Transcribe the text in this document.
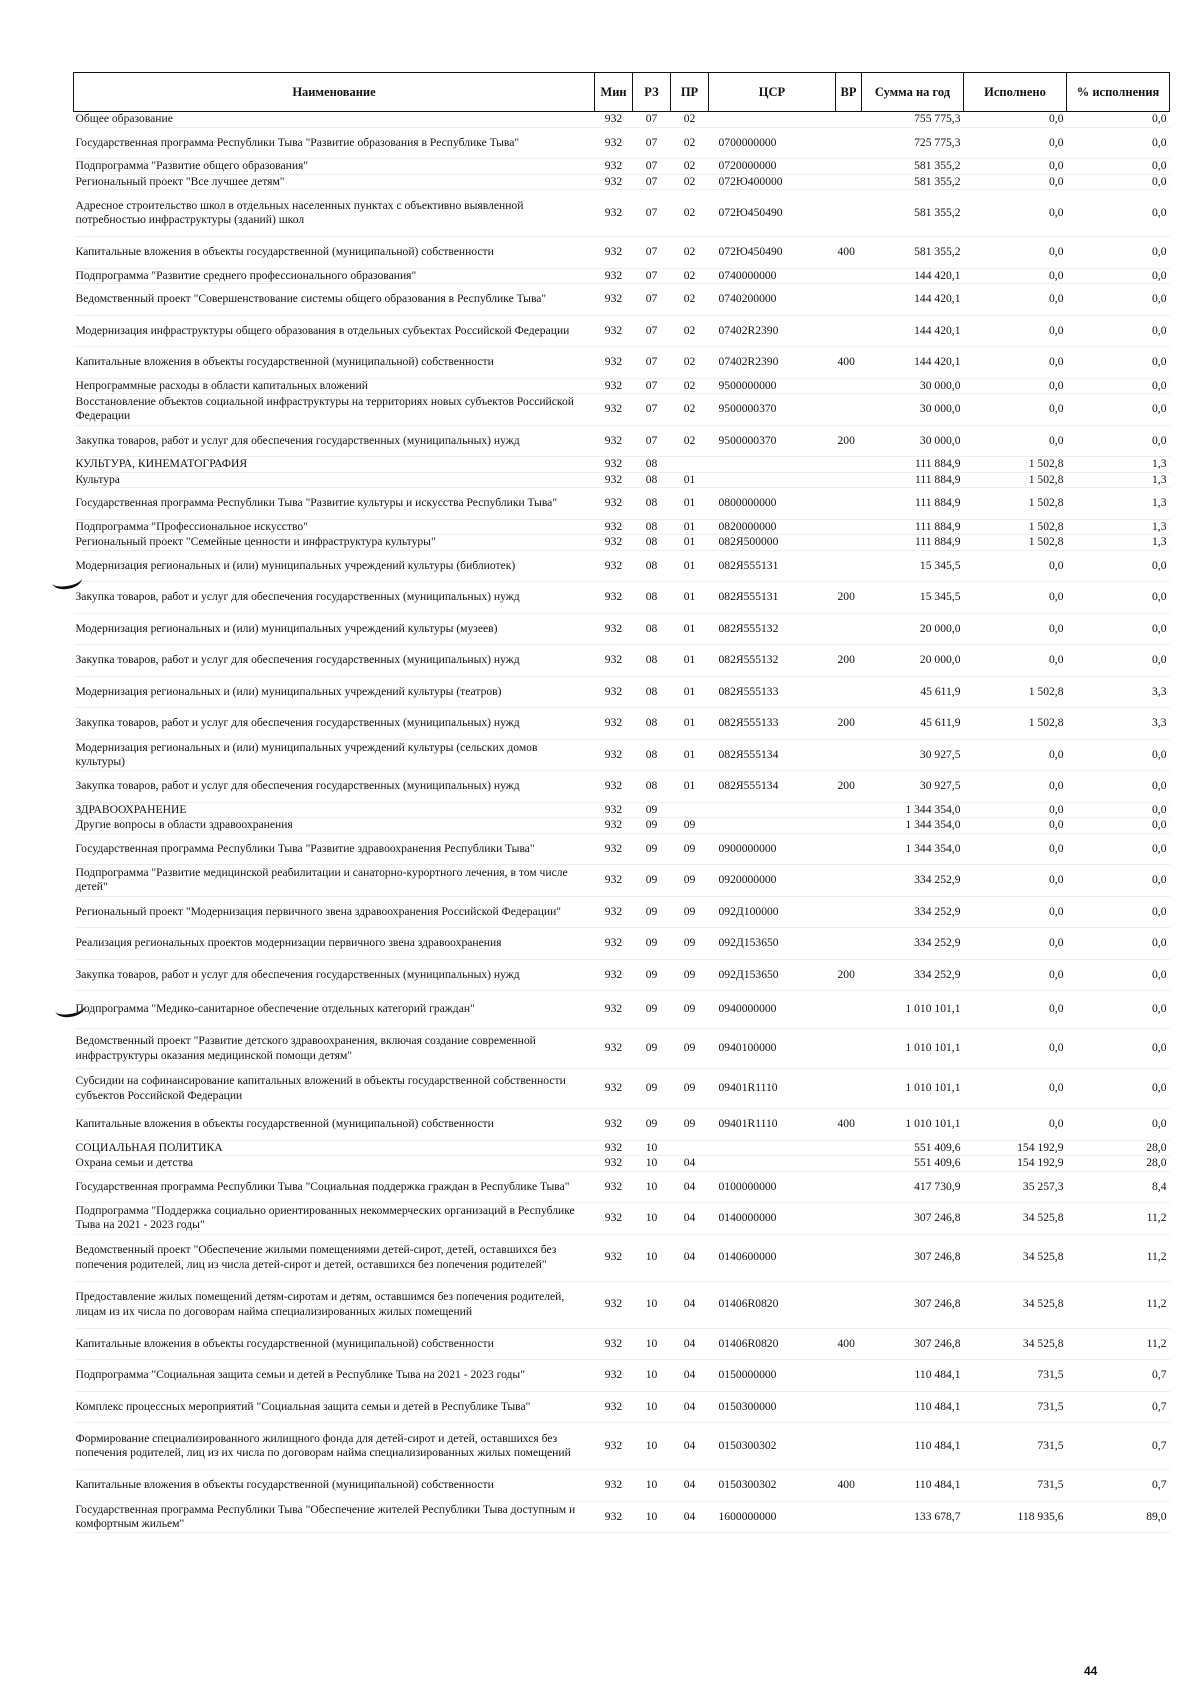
Наименование	Мин	РЗ	ПР	ЦСР	ВР	Сумма на год	Исполнено	% исполнения
Общее образование	932	07	02			755 775,3	0,0	0,0
Государственная программа Республики Тыва "Развитие образования в Республике Тыва"	932	07	02	0700000000		725 775,3	0,0	0,0
Подпрограмма "Развитие общего образования"	932	07	02	0720000000		581 355,2	0,0	0,0
Региональный проект "Все лучшее детям"	932	07	02	072Ю400000		581 355,2	0,0	0,0
Адресное строительство школ в отдельных населенных пунктах с объективно выявленной потребностью инфраструктуры (зданий) школ	932	07	02	072Ю450490		581 355,2	0,0	0,0
Капитальные вложения в объекты государственной (муниципальной) собственности	932	07	02	072Ю450490	400	581 355,2	0,0	0,0
Подпрограмма "Развитие среднего профессионального образования"	932	07	02	0740000000		144 420,1	0,0	0,0
Ведомственный проект "Совершенствование системы общего образования в Республике Тыва"	932	07	02	0740200000		144 420,1	0,0	0,0
Модернизация инфраструктуры общего образования в отдельных субъектах Российской Федерации	932	07	02	07402R2390		144 420,1	0,0	0,0
Капитальные вложения в объекты государственной (муниципальной) собственности	932	07	02	07402R2390	400	144 420,1	0,0	0,0
Непрограммные расходы в области капитальных вложений	932	07	02	9500000000		30 000,0	0,0	0,0
Восстановление объектов социальной инфраструктуры на территориях новых субъектов Российской Федерации	932	07	02	9500000370		30 000,0	0,0	0,0
Закупка товаров, работ и услуг для обеспечения государственных (муниципальных) нужд	932	07	02	9500000370	200	30 000,0	0,0	0,0
КУЛЬТУРА, КИНЕМАТОГРАФИЯ	932	08				111 884,9	1 502,8	1,3
Культура	932	08	01			111 884,9	1 502,8	1,3
Государственная программа Республики Тыва "Развитие культуры и искусства Республики Тыва"	932	08	01	0800000000		111 884,9	1 502,8	1,3
Подпрограмма "Профессиональное искусство"	932	08	01	0820000000		111 884,9	1 502,8	1,3
Региональный проект "Семейные ценности и инфраструктура культуры"	932	08	01	082Я500000		111 884,9	1 502,8	1,3
Модернизация региональных и (или) муниципальных учреждений культуры (библиотек)	932	08	01	082Я555131		15 345,5	0,0	0,0
Закупка товаров, работ и услуг для обеспечения государственных (муниципальных) нужд	932	08	01	082Я555131	200	15 345,5	0,0	0,0
Модернизация региональных и (или) муниципальных учреждений культуры (музеев)	932	08	01	082Я555132		20 000,0	0,0	0,0
Закупка товаров, работ и услуг для обеспечения государственных (муниципальных) нужд	932	08	01	082Я555132	200	20 000,0	0,0	0,0
Модернизация региональных и (или) муниципальных учреждений культуры (театров)	932	08	01	082Я555133		45 611,9	1 502,8	3,3
Закупка товаров, работ и услуг для обеспечения государственных (муниципальных) нужд	932	08	01	082Я555133	200	45 611,9	1 502,8	3,3
Модернизация региональных и (или) муниципальных учреждений культуры (сельских домов культуры)	932	08	01	082Я555134		30 927,5	0,0	0,0
Закупка товаров, работ и услуг для обеспечения государственных (муниципальных) нужд	932	08	01	082Я555134	200	30 927,5	0,0	0,0
ЗДРАВООХРАНЕНИЕ	932	09				1 344 354,0	0,0	0,0
Другие вопросы в области здравоохранения	932	09	09			1 344 354,0	0,0	0,0
Государственная программа Республики Тыва "Развитие здравоохранения Республики Тыва"	932	09	09	0900000000		1 344 354,0	0,0	0,0
Подпрограмма "Развитие медицинской реабилитации и санаторно-курортного лечения, в том числе детей"	932	09	09	0920000000		334 252,9	0,0	0,0
Региональный проект "Модернизация первичного звена здравоохранения Российской Федерации"	932	09	09	092Д100000		334 252,9	0,0	0,0
Реализация региональных проектов модернизации первичного звена здравоохранения	932	09	09	092Д153650		334 252,9	0,0	0,0
Закупка товаров, работ и услуг для обеспечения государственных (муниципальных) нужд	932	09	09	092Д153650	200	334 252,9	0,0	0,0
Подпрограмма "Медико-санитарное обеспечение отдельных категорий граждан"	932	09	09	0940000000		1 010 101,1	0,0	0,0
Ведомственный проект "Развитие детского здравоохранения, включая создание современной инфраструктуры оказания медицинской помощи детям"	932	09	09	0940100000		1 010 101,1	0,0	0,0
Субсидии на софинансирование капитальных вложений в объекты государственной собственности субъектов Российской Федерации	932	09	09	09401R1110		1 010 101,1	0,0	0,0
Капитальные вложения в объекты государственной (муниципальной) собственности	932	09	09	09401R1110	400	1 010 101,1	0,0	0,0
СОЦИАЛЬНАЯ ПОЛИТИКА	932	10				551 409,6	154 192,9	28,0
Охрана семьи и детства	932	10	04			551 409,6	154 192,9	28,0
Государственная программа Республики Тыва "Социальная поддержка граждан в Республике Тыва"	932	10	04	0100000000		417 730,9	35 257,3	8,4
Подпрограмма "Поддержка социально ориентированных некоммерческих организаций в Республике Тыва на 2021 - 2023 годы"	932	10	04	0140000000		307 246,8	34 525,8	11,2
Ведомственный проект "Обеспечение жилыми помещениями детей-сирот, детей, оставшихся без попечения родителей, лиц из числа детей-сирот и детей, оставшихся без попечения родителей"	932	10	04	0140600000		307 246,8	34 525,8	11,2
Предоставление жилых помещений детям-сиротам и детям, оставшимся без попечения родителей, лицам из их числа по договорам найма специализированных жилых помещений	932	10	04	01406R0820		307 246,8	34 525,8	11,2
Капитальные вложения в объекты государственной (муниципальной) собственности	932	10	04	01406R0820	400	307 246,8	34 525,8	11,2
Подпрограмма "Социальная защита семьи и детей в Республике Тыва на 2021 - 2023 годы"	932	10	04	0150000000		110 484,1	731,5	0,7
Комплекс процессных мероприятий "Социальная защита семьи и детей в Республике Тыва"	932	10	04	0150300000		110 484,1	731,5	0,7
Формирование специализированного жилищного фонда для детей-сирот и детей, оставшихся без попечения родителей, лиц из их числа по договорам найма специализированных жилых помещений	932	10	04	0150300302		110 484,1	731,5	0,7
Капитальные вложения в объекты государственной (муниципальной) собственности	932	10	04	0150300302	400	110 484,1	731,5	0,7
Государственная программа Республики Тыва "Обеспечение жителей Республики Тыва доступным и комфортным жильем"	932	10	04	1600000000		133 678,7	118 935,6	89,0
44
